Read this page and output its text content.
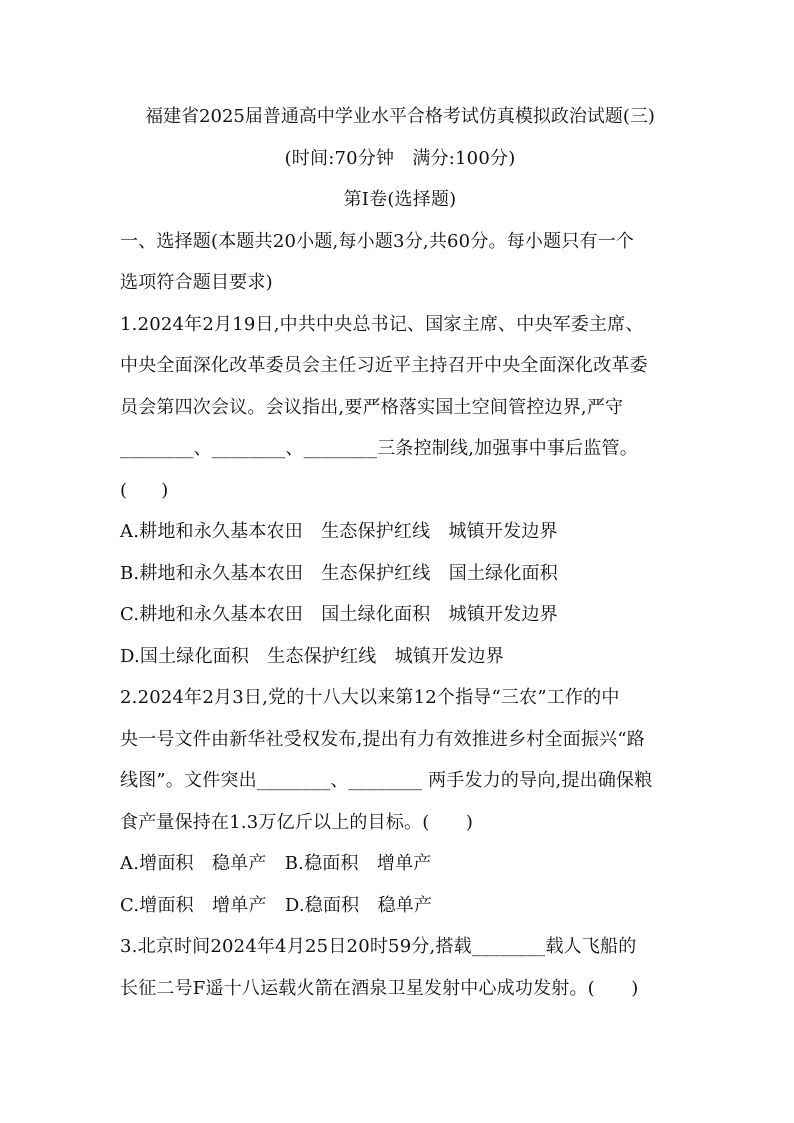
福建省2025届普通高中学业水平合格考试仿真模拟政治试题(三)
(时间:70分钟　满分:100分)
第Ⅰ卷(选择题)
一、选择题(本题共20小题,每小题3分,共60分。每小题只有一个
选项符合题目要求)
1.2024年2月19日,中共中央总书记、国家主席、中央军委主席、
中央全面深化改革委员会主任习近平主持召开中央全面深化改革委
员会第四次会议。会议指出,要严格落实国土空间管控边界,严守
________、________、________三条控制线,加强事中事后监管。
( )
A.耕地和永久基本农田　生态保护红线　城镇开发边界
B.耕地和永久基本农田　生态保护红线　国土绿化面积
C.耕地和永久基本农田　国土绿化面积　城镇开发边界
D.国土绿化面积　生态保护红线　城镇开发边界
2.2024年2月3日,党的十八大以来第12个指导“三农”工作的中
央一号文件由新华社受权发布,提出有力有效推进乡村全面振兴“路
线图”。文件突出________、________ 两手发力的导向,提出确保粮
食产量保持在1.3万亿斤以上的目标。(　　)
A.增面积　稳单产　B.稳面积　增单产
C.增面积　增单产　D.稳面积　稳单产
3.北京时间2024年4月25日20时59分,搭载________载人飞船的
长征二号F遥十八运载火箭在酒泉卫星发射中心成功发射。(　　)
